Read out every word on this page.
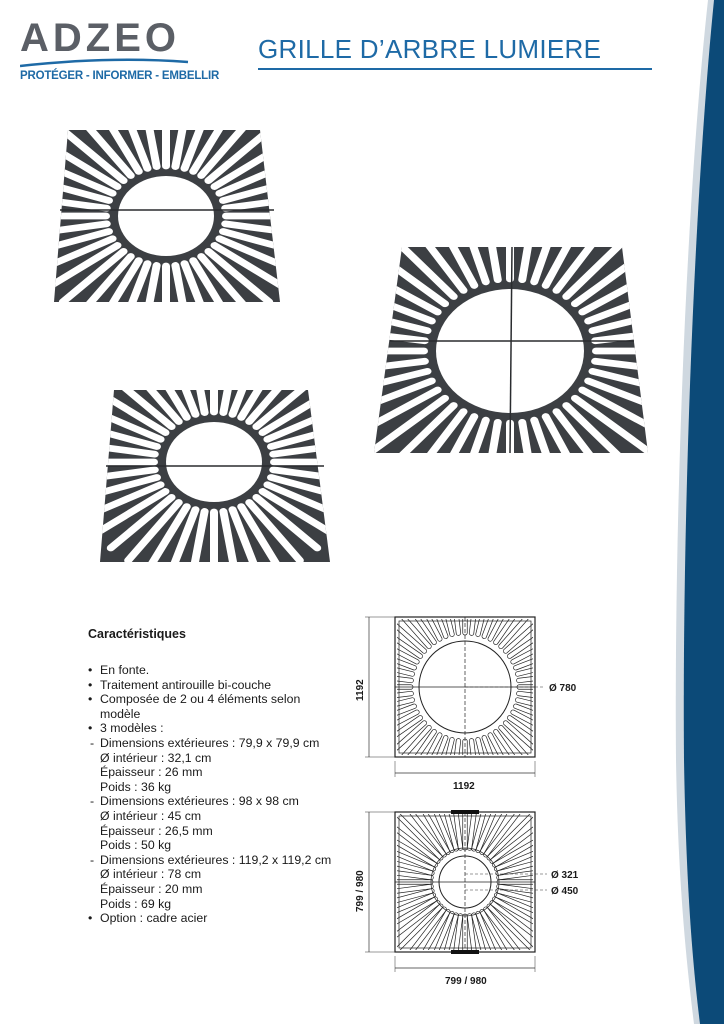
ADZEO
PROTÉGER - INFORMER - EMBELLIR
GRILLE D’ARBRE LUMIERE
Caractéristiques
• En fonte.
• Traitement antirouille bi-couche
• Composée de 2 ou 4 éléments selon
modèle
• 3 modèles :
- Dimensions extérieures : 79,9 x 79,9 cm
Ø intérieur : 32,1 cm
Épaisseur : 26 mm
Poids : 36 kg
- Dimensions extérieures : 98 x 98 cm
Ø intérieur : 45 cm
Épaisseur : 26,5 mm
Poids : 50 kg
- Dimensions extérieures : 119,2 x 119,2 cm
Ø intérieur : 78 cm
Épaisseur : 20 mm
Poids : 69 kg
• Option : cadre acier
1192
1192
Ø 780
799 / 980
799 / 980
Ø 321
Ø 450
